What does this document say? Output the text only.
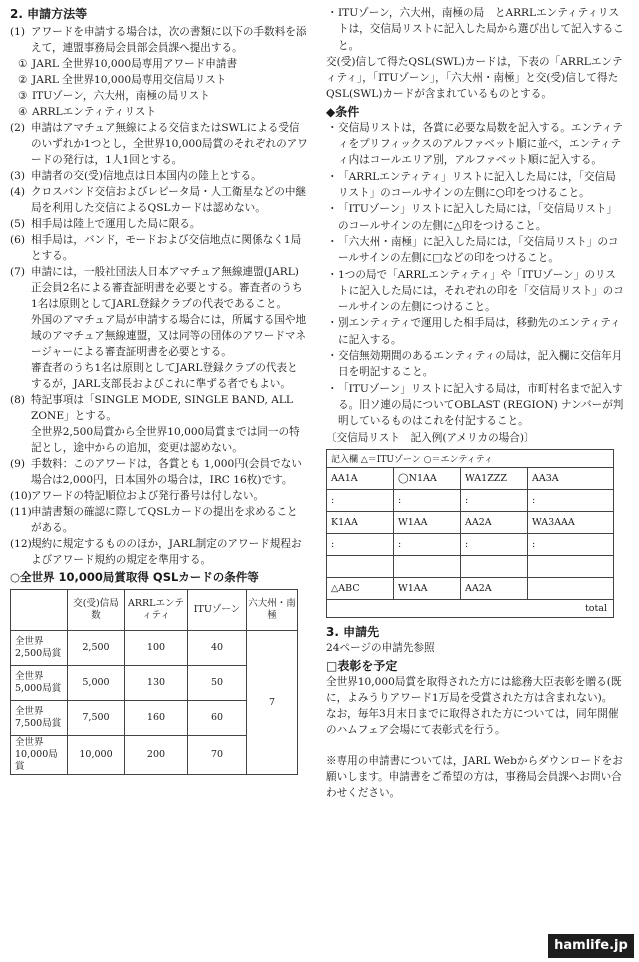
2. 申請方法等
(1) アワードを申請する場合は，次の書類に以下の手数料を添えて，連盟事務局会員部会員課へ提出する。
① JARL 全世界10,000局専用アワード申請書
② JARL 全世界10,000局専用交信局リスト
③ ITUゾーン，六大州，南極の局リスト
④ ARRLエンティティリスト
(2) 申請はアマチュア無線による交信またはSWLによる受信のいずれか1つとし，全世界10,000局賞のそれぞれのアワードの発行は，1人1回とする。
(3) 申請者の交(受)信地点は日本国内の陸上とする。
(4) クロスバンド交信およびレピータ局・人工衛星などの中継局を利用した交信によるQSLカードは認めない。
(5) 相手局は陸上で運用した局に限る。
(6) 相手局は，バンド，モードおよび交信地点に関係なく1局とする。
(7) 申請には，一般社団法人日本アマチュア無線連盟(JARL)正会員2名による審査証明書を必要とする。審査者のうち1名は原則としてJARL登録クラブの代表であること。
外国のアマチュア局が申請する場合には，所属する国や地域のアマチュア無線連盟，又は同等の団体のアワードマネージャーによる審査証明書を必要とする。
審査者のうち1名は原則としてJARL登録クラブの代表とするが，JARL支部長およびこれに準ずる者でもよい。
(8) 特記事項は「SINGLE MODE, SINGLE BAND, ALL ZONE」とする。
全世界2,500局賞から全世界10,000局賞までは同一の特記とし，途中からの追加，変更は認めない。
(9) 手数料：このアワードは，各賞とも 1,000円(会員でない場合は2,000円，日本国外の場合は，IRC 16枚)です。
(10) アワードの特記順位および発行番号は付しない。
(11) 申請書類の確認に際してQSLカードの提出を求めることがある。
(12) 規約に規定するもののほか，JARL制定のアワード規程およびアワード規約の規定を準用する。
○全世界 10,000局賞取得 QSLカードの条件等
	交(受)信局数	ARRLエンティティ	ITUゾーン	六大州・南極
全世界2,500局賞	2,500	100	40	7
全世界5,000局賞	5,000	130	50	
全世界7,500局賞	7,500	160	60	
全世界10,000局賞	10,000	200	70	
・ ITUゾーン，六大州，南極の局　とARRLエンティティリストは，交信局リストに記入した局から選び出して記入すること。
交(受)信して得たQSL(SWL)カードは，下表の「ARRLエンティティ」，「ITUゾーン」，「六大州・南極」と交(受)信して得たQSL(SWL)カードが含まれているものとする。
◆条件
・ 交信局リストは，各賞に必要な局数を記入する。エンティティをプリフィックスのアルファベット順に並べ，エンティティ内はコールエリア別，アルファベット順に記入する。
・ 「ARRLエンティティ」リストに記入した局には，「交信局リスト」のコールサインの左側に○印をつけること。
・ 「ITUゾーン」リストに記入した局には，「交信局リスト」のコールサインの左側に△印をつけること。
・ 「六大州・南極」に記入した局には，「交信局リスト」のコールサインの左側に□などの印をつけること。
・ 1つの局で「ARRLエンティティ」や「ITUゾーン」のリストに記入した局には，それぞれの印を「交信局リスト」のコールサインの左側につけること。
・ 別エンティティで運用した相手局は，移動先のエンティティに記入する。
・ 交信無効期間のあるエンティティの局は，記入欄に交信年月日を明記すること。
・ 「ITUゾーン」リストに記入する局は，市町村名まで記入する。旧ソ連の局についてOBLAST (REGION) ナンバーが判明しているものはこれを付記すること。
〔交信局リスト　記入例(アメリカの場合)〕
記入欄 △＝ITUゾーン ○＝エンティティ			
AA1A	◯N1AA	WA1ZZZ	AA3A
:	:	:	:
K1AA	W1AA	AA2A	WA3AAA
:	:	:	:

△ABC	W1AA	AA2A	
total			
3. 申請先
24ページの申請先参照
□表彰を予定
全世界10,000局賞を取得された方には総務大臣表彰を贈る(既に，よみうりアワード1万局を受賞された方は含まれない)。
なお，毎年3月末日までに取得された方については，同年開催のハムフェア会場にて表彰式を行う。
※専用の申請書については，JARL Webからダウンロードをお願いします。申請書をご希望の方は，事務局会員課へお問い合わせください。
hamlife.jp
